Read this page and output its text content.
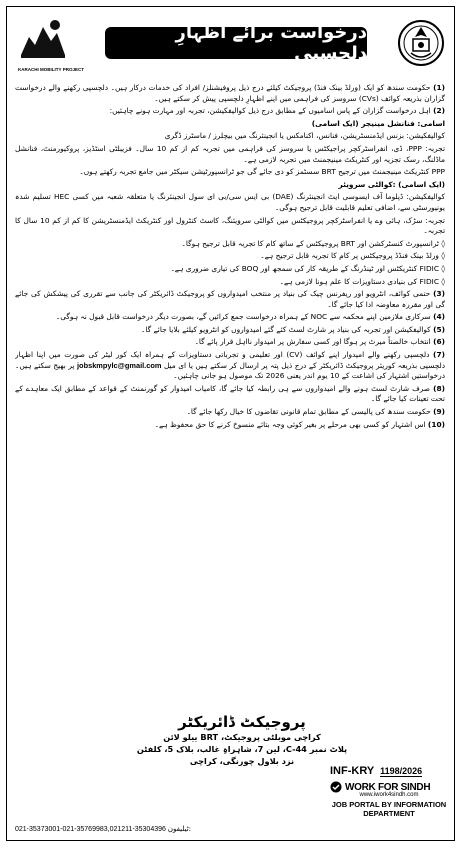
KARACHI MOBILITY PROJECT
درخواست برائے اظہارِ دلچسپی

(1) حکومت سندھ کو ایک (ورلڈ بینک فنڈ) پروجیکٹ کیلئے درج ذیل پروفیشنلز/ افراد کی خدمات درکار ہیں۔ دلچسپی رکھنے والے درخواست گزاران بذریعہ کوائف (CVs) سروسز کی فراہمی میں اپنے اظہارِ دلچسپی پیش کر سکتے ہیں۔

(2) اہل درخواست گزاران کے پاس اسامیوں کے مطابق درج ذیل کوالیفکیشن، تجربہ اور مہارت ہونے چاہئیں:

اسامی: فنانشل مینیجر (ایک اسامی)

کوالیفکیشن: بزنس ایڈمنسٹریشن، فنانس، اکنامکس یا انجینئرنگ میں بیچلرز / ماسٹرز ڈگری

تجربہ: PPP، ڈی، انفراسٹرکچر پراجیکٹس یا سروسز کی فراہمی میں تجربہ کم از کم 10 سال۔ فزیبلٹی اسٹڈیز، پروکیورمنٹ، فنانشل ماڈلنگ، رسک تجزیہ اور کنٹریکٹ مینیجمنٹ میں تجربہ لازمی ہے۔

PPP کنٹریکٹ مینیجمنٹ میں ترجیح BRT سسٹمز کو دی جائے گی جو ٹرانسپورٹیشن سیکٹر میں جامع تجربہ رکھتے ہوں۔

(ایک اسامی) :کوالٹی سرویئر

کوالیفکیشن: ڈپلوما آف ایسوسی ایٹ انجینئرنگ (DAE) بی ایس سی/بی ای سول انجینئرنگ یا متعلقہ شعبہ میں کسی HEC تسلیم شدہ یونیورسٹی سے، اضافی تعلیم قابلیت قابل ترجیح ہوگی۔

تجربہ: سڑک، ہائی وے یا انفراسٹرکچر پروجیکٹس میں کوالٹی سرویئنگ، کاسٹ کنٹرول اور کنٹریکٹ ایڈمنسٹریشن کا کم از کم 10 سال کا تجربہ۔

◊ ٹرانسپورٹ کنسٹرکشن اور BRT پروجیکٹس کے ساتھ کام کا تجربہ قابل ترجیح ہوگا۔

◊ ورلڈ بینک فنڈڈ پروجیکٹس پر کام کا تجربہ قابل ترجیح ہے۔

◊ FIDIC کنٹریکٹس اور ٹینڈرنگ کے طریقہ کار کی سمجھ اور BOQ کی تیاری ضروری ہے۔

◊ FIDIC کی بنیادی دستاویزات کا علم ہونا لازمی ہے۔

(3) حتمی کوائف، انٹرویو اور ریفرنس چیک کی بنیاد پر منتخب امیدواروں کو پروجیکٹ ڈائریکٹر کی جانب سے تقرری کی پیشکش کی جائے گی اور مقررہ معاوضہ ادا کیا جائے گا۔

(4) سرکاری ملازمین اپنے محکمہ سے NOC کے ہمراہ درخواست جمع کرائیں گے، بصورت دیگر درخواست قابل قبول نہ ہوگی۔

(5) کوالیفکیشن اور تجربہ کی بنیاد پر شارٹ لسٹ کئے گئے امیدواروں کو انٹرویو کیلئے بلایا جائے گا۔

(6) انتخاب خالصتاً میرٹ پر ہوگا اور کسی سفارش پر امیدوار نااہل قرار پائے گا۔

(7) دلچسپی رکھنے والے امیدوار اپنے کوائف (CV) اور تعلیمی و تجرباتی دستاویزات کے ہمراہ ایک کور لیٹر کی صورت میں اپنا اظہار دلچسپی بذریعہ کوریئر پروجیکٹ ڈائریکٹر کے درج ذیل پتہ پر ارسال کر سکتے ہیں یا ای میل jobskmpylc@gmail.com پر بھیج سکتے ہیں۔ درخواستیں اشتہار کی اشاعت کے 10 یوم اندر یعنی 2026 تک موصول ہو جانی چاہئیں۔

(8) صرف شارٹ لسٹ ہونے والے امیدواروں سے ہی رابطہ کیا جائے گا، کامیاب امیدوار کو گورنمنٹ کے قواعد کے مطابق ایک معاہدے کے تحت تعینات کیا جائے گا۔

(9) حکومت سندھ کی پالیسی کے مطابق تمام قانونی تقاضوں کا خیال رکھا جائے گا۔

(10) اس اشتہار کو کسی بھی مرحلے پر بغیر کوئی وجہ بتائے منسوخ کرنے کا حق محفوظ ہے۔

پروجیکٹ ڈائریکٹر
کراچی موبلٹی پروجیکٹ، BRT ییلو لائن
پلاٹ نمبر C-44، لین 7، شاہراہِ غالب، بلاک 5، کلفٹن
نزد بلاول چورنگی، کراچی
021-35373001-021-35769983,021211-35304396 ٹیلیفون:
INF-KRY 1198/2026
WORK FOR SINDH
www.iwork4sindh.com
JOB PORTAL BY INFORMATION DEPARTMENT
